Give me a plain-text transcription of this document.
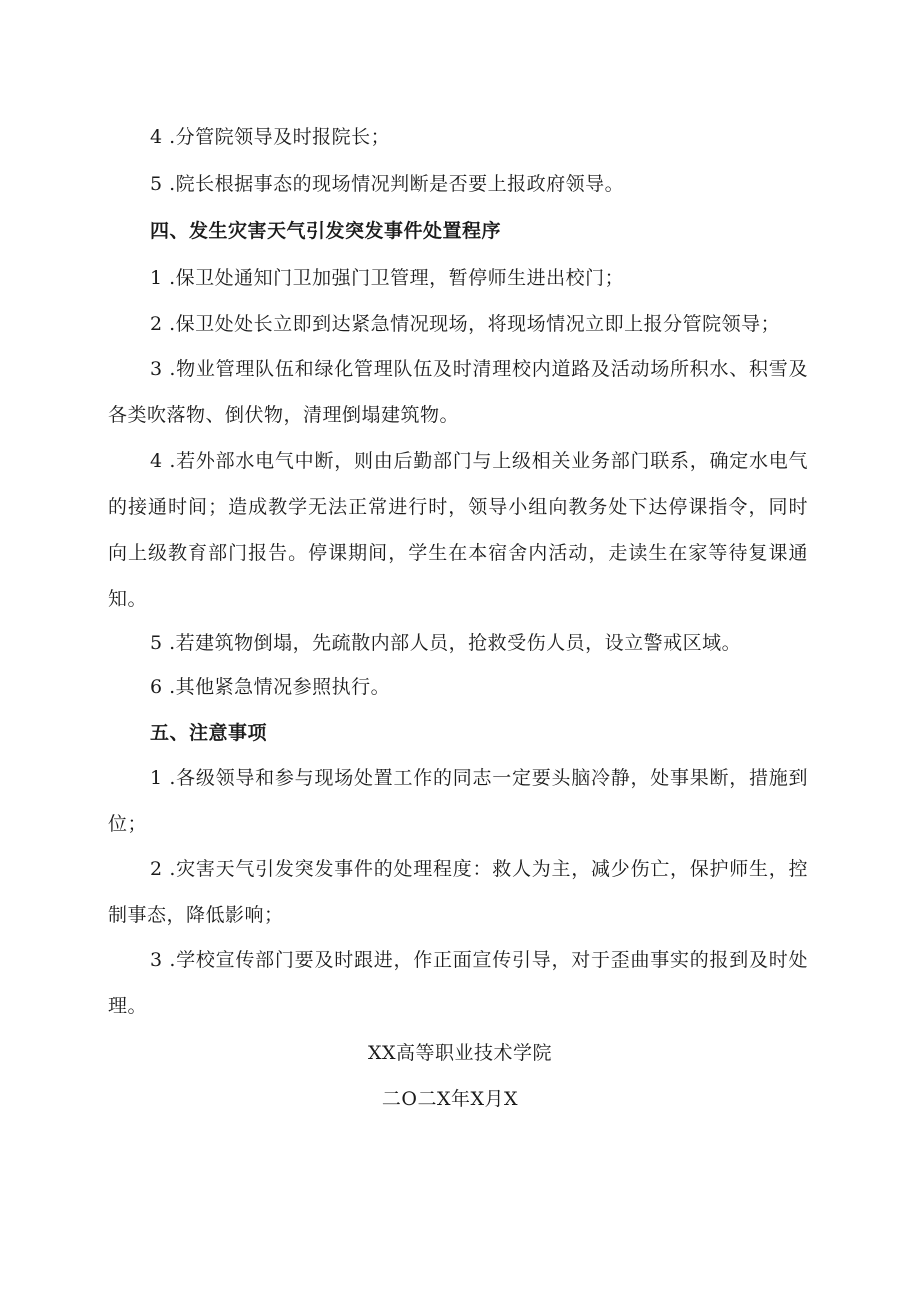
4 .分管院领导及时报院长；

5 .院长根据事态的现场情况判断是否要上报政府领导。

四、发生灾害天气引发突发事件处置程序

1 .保卫处通知门卫加强门卫管理，暂停师生进出校门；

2 .保卫处处长立即到达紧急情况现场，将现场情况立即上报分管院领导；

3 .物业管理队伍和绿化管理队伍及时清理校内道路及活动场所积水、积雪及各类吹落物、倒伏物，清理倒塌建筑物。

4 .若外部水电气中断，则由后勤部门与上级相关业务部门联系，确定水电气的接通时间；造成教学无法正常进行时，领导小组向教务处下达停课指令，同时向上级教育部门报告。停课期间，学生在本宿舍内活动，走读生在家等待复课通知。

5 .若建筑物倒塌，先疏散内部人员，抢救受伤人员，设立警戒区域。

6 .其他紧急情况参照执行。

五、注意事项

1 .各级领导和参与现场处置工作的同志一定要头脑冷静，处事果断，措施到位；

2 .灾害天气引发突发事件的处理程度：救人为主，减少伤亡，保护师生，控制事态，降低影响；

3 .学校宣传部门要及时跟进，作正面宣传引导，对于歪曲事实的报到及时处理。

XX高等职业技术学院

二O二X年X月X
